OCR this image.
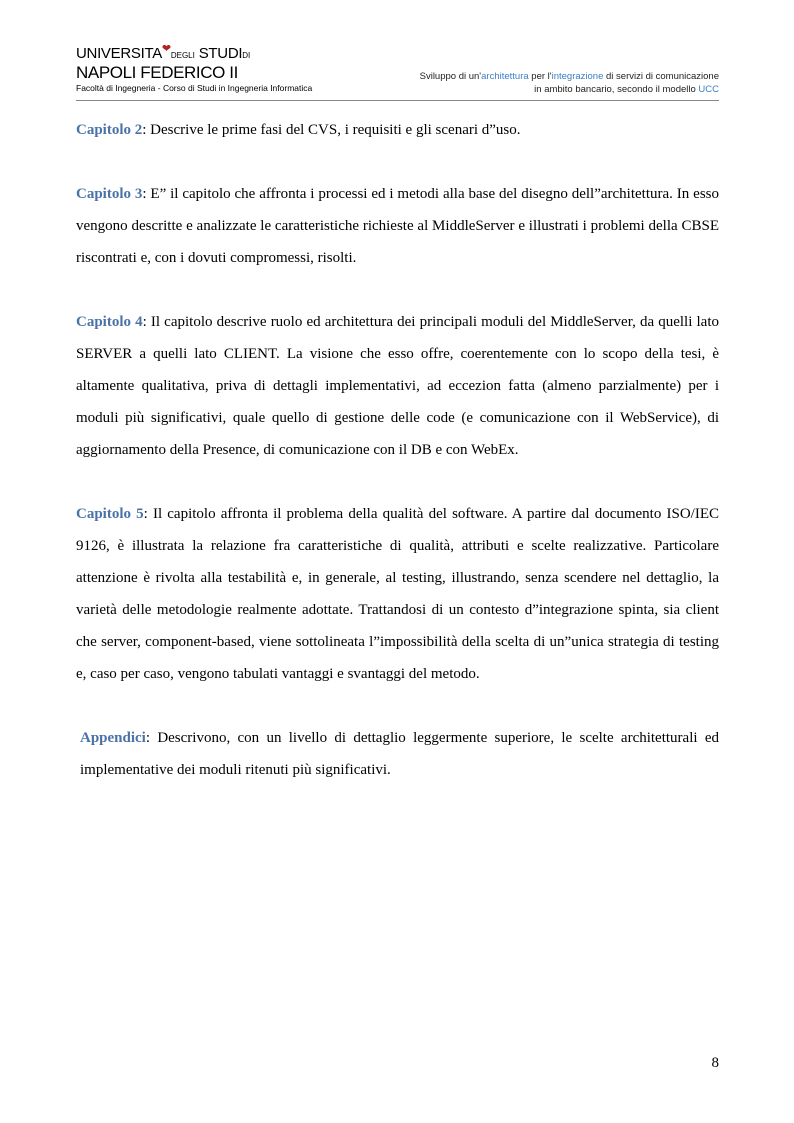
UNIVERSITA❤DEGLI STUDIDI
NAPOLI FEDERICO II
Facoltà di Ingegneria - Corso di Studi in Ingegneria Informatica
Sviluppo di un'architettura per l'integrazione di servizi di comunicazione
in ambito bancario, secondo il modello UCC

Capitolo 2: Descrive le prime fasi del CVS, i requisiti e gli scenari d”uso.

Capitolo 3: E” il capitolo che affronta i processi ed i metodi alla base del disegno dell”architettura. In esso vengono descritte e analizzate le caratteristiche richieste al MiddleServer e illustrati i problemi della CBSE riscontrati e, con i dovuti compromessi, risolti.

Capitolo 4: Il capitolo descrive ruolo ed architettura dei principali moduli del MiddleServer, da quelli lato SERVER a quelli lato CLIENT. La visione che esso offre, coerentemente con lo scopo della tesi, è altamente qualitativa, priva di dettagli implementativi, ad eccezion fatta (almeno parzialmente) per i moduli più significativi, quale quello di gestione delle code (e comunicazione con il WebService), di aggiornamento della Presence, di comunicazione con il DB e con WebEx.

Capitolo 5: Il capitolo affronta il problema della qualità del software. A partire dal documento ISO/IEC 9126, è illustrata la relazione fra caratteristiche di qualità, attributi e scelte realizzative. Particolare attenzione è rivolta alla testabilità e, in generale, al testing, illustrando, senza scendere nel dettaglio, la varietà delle metodologie realmente adottate. Trattandosi di un contesto d”integrazione spinta, sia client che server, component-based, viene sottolineata l”impossibilità della scelta di un”unica strategia di testing e, caso per caso, vengono tabulati vantaggi e svantaggi del metodo.

Appendici: Descrivono, con un livello di dettaglio leggermente superiore, le scelte architetturali ed implementative dei moduli ritenuti più significativi.

8
